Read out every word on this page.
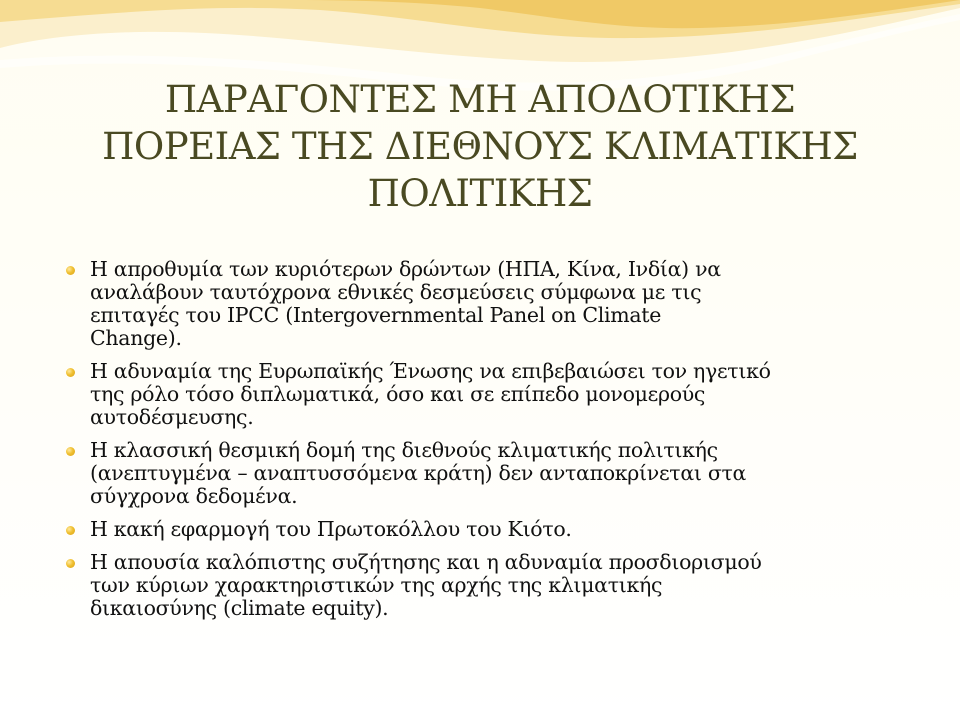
ΠΑΡΑΓΟΝΤΕΣ ΜΗ ΑΠΟΔΟΤΙΚΗΣ
ΠΟΡΕΙΑΣ ΤΗΣ ΔΙΕΘΝΟΥΣ ΚΛΙΜΑΤΙΚΗΣ
ΠΟΛΙΤΙΚΗΣ
Η απροθυμία των κυριότερων δρώντων (ΗΠΑ, Κίνα, Ινδία) να
αναλάβουν ταυτόχρονα εθνικές δεσμεύσεις σύμφωνα με τις
επιταγές του IPCC (Intergovernmental Panel on Climate
Change).
Η αδυναμία της Ευρωπαϊκής Ένωσης να επιβεβαιώσει τον ηγετικό
της ρόλο τόσο διπλωματικά, όσο και σε επίπεδο μονομερούς
αυτοδέσμευσης.
Η κλασσική θεσμική δομή της διεθνούς κλιματικής πολιτικής
(ανεπτυγμένα – αναπτυσσόμενα κράτη) δεν ανταποκρίνεται στα
σύγχρονα δεδομένα.
Η κακή εφαρμογή του Πρωτοκόλλου του Κιότο.
Η απουσία καλόπιστης συζήτησης και η αδυναμία προσδιορισμού
των κύριων χαρακτηριστικών της αρχής της κλιματικής
δικαιοσύνης (climate equity).
